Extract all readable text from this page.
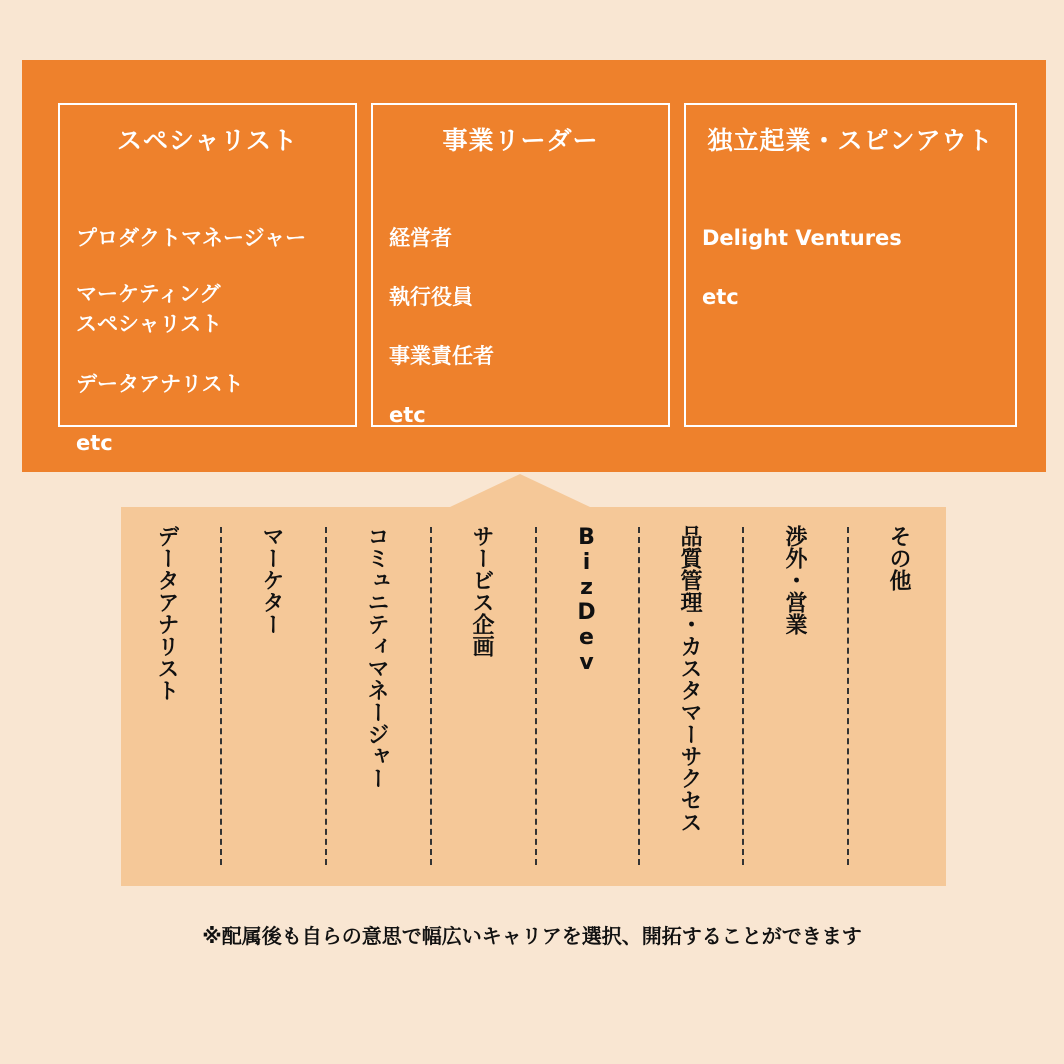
スペシャリスト
プロダクトマネージャー
マーケティング
スペシャリスト
データアナリスト
etc
事業リーダー
経営者
執行役員
事業責任者
etc
独立起業・スピンアウト
Delight Ventures
etc
データアナリスト	マーケター	コミュニティマネージャー	サービス企画	BizDev	品質管理・カスタマーサクセス	渉外・営業	その他
※配属後も自らの意思で幅広いキャリアを選択、開拓することができます
